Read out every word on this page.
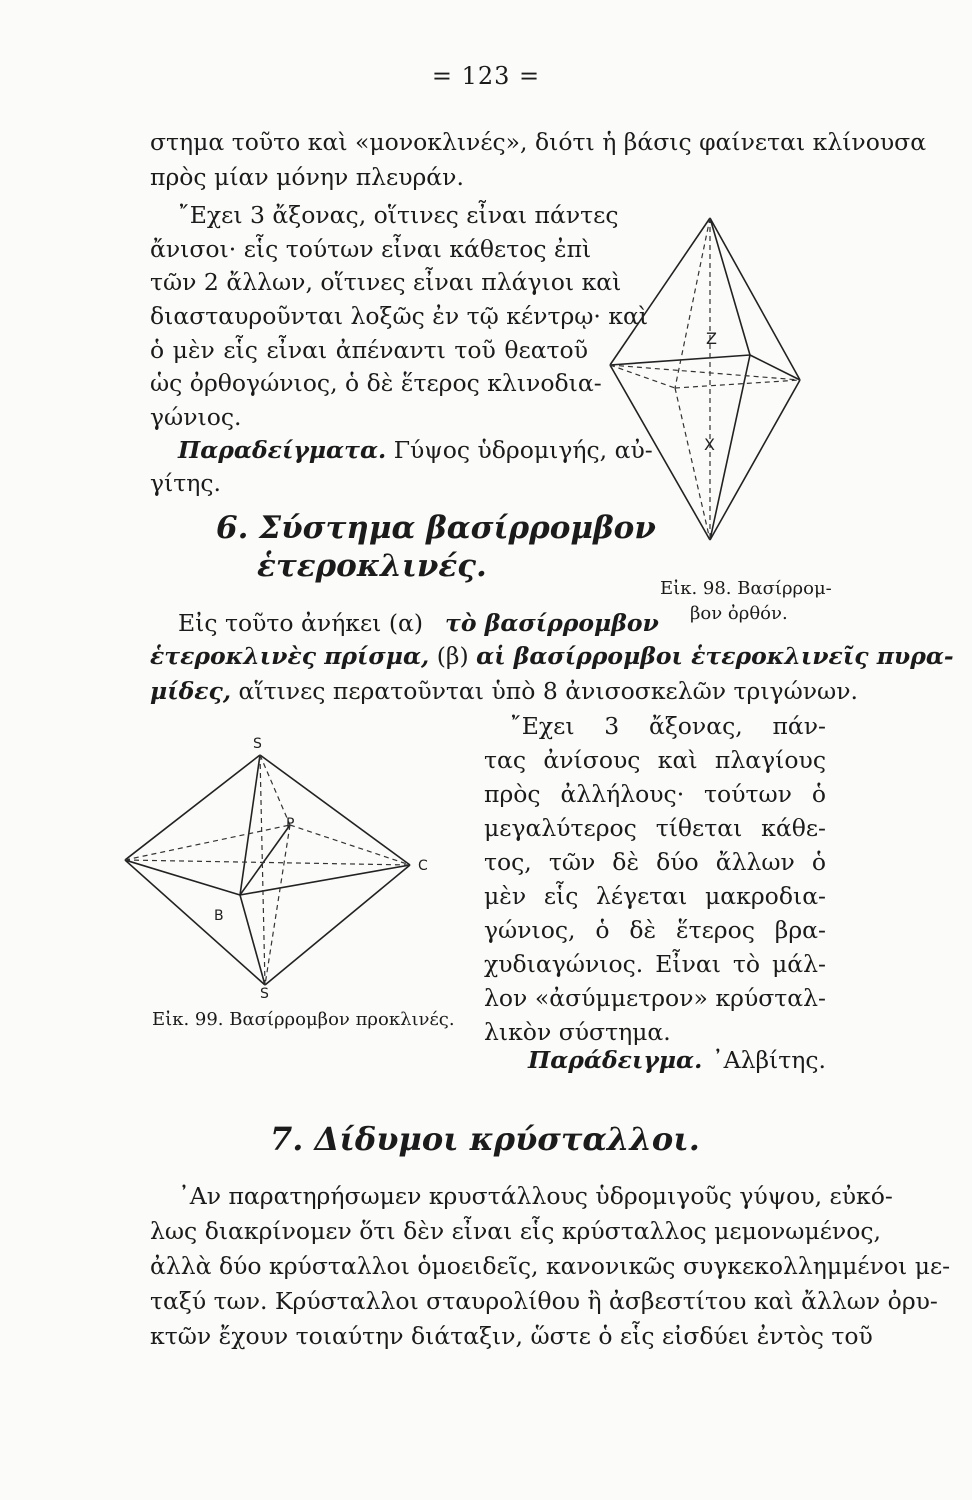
= 123 =
στημα τοῦτο καὶ «μονοκλινές», διότι ἡ βάσις φαίνεται κλίνουσα
πρὸς μίαν μόνην πλευράν.
῎Εχει 3 ἄξονας, οἵτινες εἶναι πάντες
ἄνισοι· εἷς τούτων εἶναι κάθετος ἐπὶ
τῶν 2 ἄλλων, οἵτινες εἶναι πλάγιοι καὶ
διασταυροῦνται λοξῶς ἐν τῷ κέντρῳ· καὶ
ὁ μὲν εἷς εἶναι ἀπέναντι τοῦ θεατοῦ
ὡς ὀρθογώνιος, ὁ δὲ ἕτερος κλινοδια-
γώνιος.
Παραδείγματα. Γύψος ὑδρομιγής, αὐ-
γίτης.
6. Σύστημα βασίρρομβον
ἑτεροκλινές.
Εἰς τοῦτο ἀνήκει (α) τὸ βασίρρομβον
ἑτεροκλινὲς πρίσμα, (β) αἱ βασίρρομβοι ἑτεροκλινεῖς πυρα-
μίδες, αἵτινες περατοῦνται ὑπὸ 8 ἀνισοσκελῶν τριγώνων.
῎Εχει 3 ἄξονας, πάν-
τας ἀνίσους καὶ πλαγίους
πρὸς ἀλλήλους· τούτων ὁ
μεγαλύτερος τίθεται κάθε-
τος, τῶν δὲ δύο ἄλλων ὁ
μὲν εἷς λέγεται μακροδια-
γώνιος, ὁ δὲ ἕτερος βρα-
χυδιαγώνιος. Εἶναι τὸ μάλ-
λον «ἀσύμμετρον» κρύσταλ-
λικὸν σύστημα.
Παράδειγμα. ᾿Αλβίτης.
7. Δίδυμοι κρύσταλλοι.
᾿Αν παρατηρήσωμεν κρυστάλλους ὑδρομιγοῦς γύψου, εὐκό-
λως διακρίνομεν ὅτι δὲν εἶναι εἷς κρύσταλλος μεμονωμένος,
ἀλλὰ δύο κρύσταλλοι ὁμοειδεῖς, κανονικῶς συγκεκολλημμένοι με-
ταξύ των. Κρύσταλλοι σταυρολίθου ἢ ἀσβεστίτου καὶ ἄλλων ὀρυ-
κτῶν ἔχουν τοιαύτην διάταξιν, ὥστε ὁ εἷς εἰσδύει ἐντὸς τοῦ
Z
X
Εἰκ. 98. Βασίρρομ-
βον ὀρθόν.
S
P
C
B
S
Εἰκ. 99. Βασίρρομβον προκλινές.
